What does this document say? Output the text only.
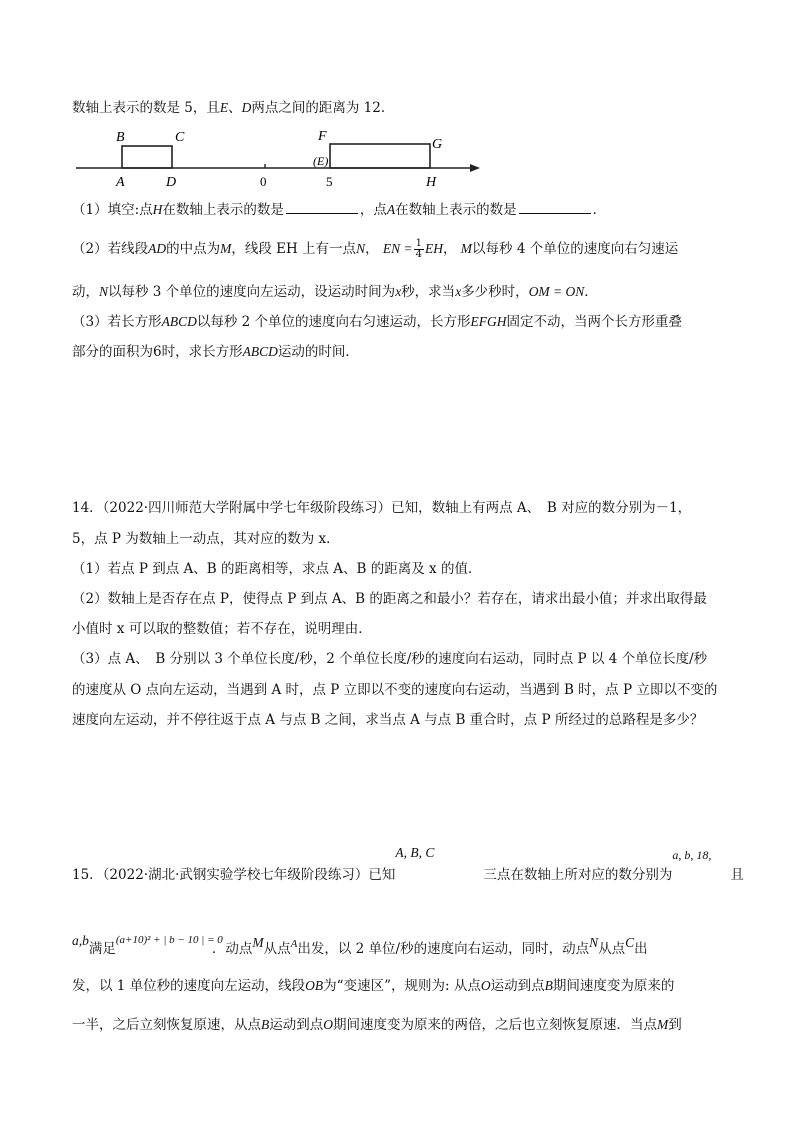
数轴上表示的数是 5，且E、D两点之间的距离为 12．
B	C
A	D	0
F
(E)
5
G
H
（1）填空:点H在数轴上表示的数是	，点A在数轴上表示的数是	．
（2）若线段AD的中点为M，线段 EH 上有一点N， EN = $\frac{1}{4}$ EH， M以每秒 4 个单位的速度向右匀速运
动，N以每秒 3 个单位的速度向左运动，设运动时间为x秒，求当x多少秒时，OM = ON．
（3）若长方形ABCD以每秒 2 个单位的速度向右匀速运动，长方形EFGH固定不动，当两个长方形重叠
部分的面积为6时，求长方形ABCD运动的时间．
14．（2022·四川师范大学附属中学七年级阶段练习）已知，数轴上有两点 A、　B 对应的数分别为－1，
5，点 P 为数轴上一动点，其对应的数为 x．
（1）若点 P 到点 A、B 的距离相等，求点 A、B 的距离及 x 的值．
（2）数轴上是否存在点 P，使得点 P 到点 A、B 的距离之和最小？若存在，请求出最小值；并求出取得最
小值时 x 可以取的整数值；若不存在，说明理由．
（3）点 A、　B 分别以 3 个单位长度/秒，2 个单位长度/秒的速度向右运动，同时点 P 以 4 个单位长度/秒
的速度从 O 点向左运动，当遇到 A 时，点 P 立即以不变的速度向右运动，当遇到 B 时，点 P 立即以不变的
速度向左运动，并不停往返于点 A 与点 B 之间，求当点 A 与点 B 重合时，点 P 所经过的总路程是多少？
15．（2022·湖北·武钢实验学校七年级阶段练习）已知A, B, C三点在数轴上所对应的数分别为a, b, 18,且
a,b满足(a+10)² + | b − 10 | = 0．动点M从点$^A$出发，以 2 单位/秒的速度向右运动，同时，动点N从点C出
发，以 1 单位秒的速度向左运动，线段OB为“变速区”，规则为: 从点O运动到点B期间速度变为原来的
一半，之后立刻恢复原速，从点B运动到点O期间速度变为原来的两倍，之后也立刻恢复原速．当点M到
